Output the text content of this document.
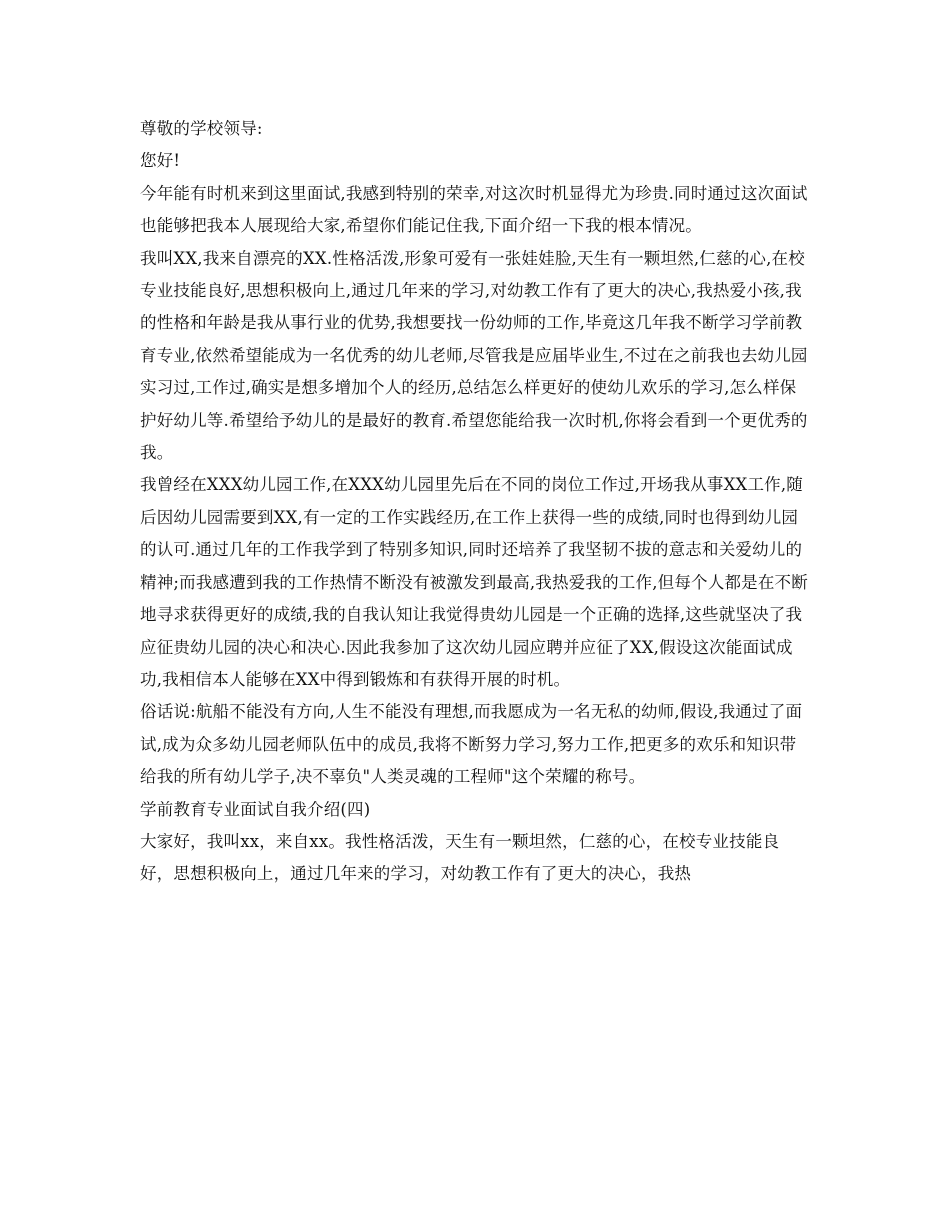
尊敬的学校领导:

您好!

今年能有时机来到这里面试,我感到特别的荣幸,对这次时机显得尤为珍贵.同时通过这次面试也能够把我本人展现给大家,希望你们能记住我,下面介绍一下我的根本情况。

我叫XX,我来自漂亮的XX.性格活泼,形象可爱有一张娃娃脸,天生有一颗坦然,仁慈的心,在校专业技能良好,思想积极向上,通过几年来的学习,对幼教工作有了更大的决心,我热爱小孩,我的性格和年龄是我从事行业的优势,我想要找一份幼师的工作,毕竟这几年我不断学习学前教育专业,依然希望能成为一名优秀的幼儿老师,尽管我是应届毕业生,不过在之前我也去幼儿园实习过,工作过,确实是想多增加个人的经历,总结怎么样更好的使幼儿欢乐的学习,怎么样保护好幼儿等.希望给予幼儿的是最好的教育.希望您能给我一次时机,你将会看到一个更优秀的我。

我曾经在XXX幼儿园工作,在XXX幼儿园里先后在不同的岗位工作过,开场我从事XX工作,随后因幼儿园需要到XX,有一定的工作实践经历,在工作上获得一些的成绩,同时也得到幼儿园的认可.通过几年的工作我学到了特别多知识,同时还培养了我坚韧不拔的意志和关爱幼儿的精神;而我感遭到我的工作热情不断没有被激发到最高,我热爱我的工作,但每个人都是在不断地寻求获得更好的成绩,我的自我认知让我觉得贵幼儿园是一个正确的选择,这些就坚决了我应征贵幼儿园的决心和决心.因此我参加了这次幼儿园应聘并应征了XX,假设这次能面试成功,我相信本人能够在XX中得到锻炼和有获得开展的时机。

俗话说:航船不能没有方向,人生不能没有理想,而我愿成为一名无私的幼师,假设,我通过了面试,成为众多幼儿园老师队伍中的成员,我将不断努力学习,努力工作,把更多的欢乐和知识带给我的所有幼儿学子,决不辜负"人类灵魂的工程师"这个荣耀的称号。

学前教育专业面试自我介绍(四)

大家好，我叫xx，来自xx。我性格活泼，天生有一颗坦然，仁慈的心，在校专业技能良好，思想积极向上，通过几年来的学习，对幼教工作有了更大的决心，我热
